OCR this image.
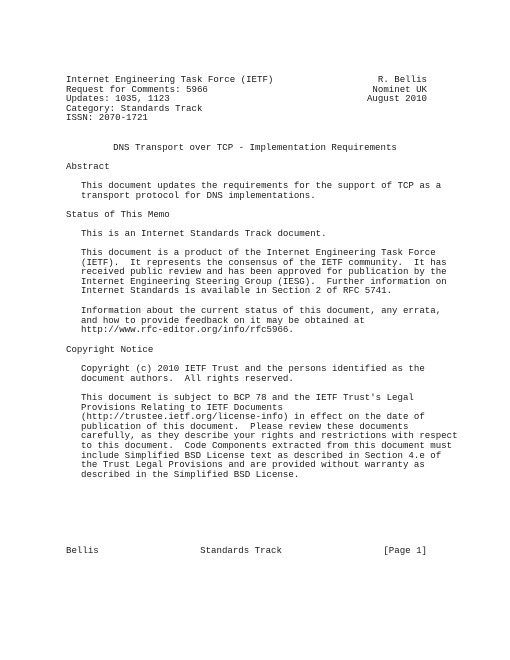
Internet Engineering Task Force (IETF)	R. Bellis
Request for Comments: 5966	Nominet UK
Updates: 1035, 1123	August 2010
Category: Standards Track
ISSN: 2070-1721
DNS Transport over TCP - Implementation Requirements
Abstract
This document updates the requirements for the support of TCP as a
transport protocol for DNS implementations.
Status of This Memo
This is an Internet Standards Track document.
This document is a product of the Internet Engineering Task Force
(IETF).  It represents the consensus of the IETF community.  It has
received public review and has been approved for publication by the
Internet Engineering Steering Group (IESG).  Further information on
Internet Standards is available in Section 2 of RFC 5741.
Information about the current status of this document, any errata,
and how to provide feedback on it may be obtained at
http://www.rfc-editor.org/info/rfc5966.
Copyright Notice
Copyright (c) 2010 IETF Trust and the persons identified as the
document authors.  All rights reserved.
This document is subject to BCP 78 and the IETF Trust's Legal
Provisions Relating to IETF Documents
(http://trustee.ietf.org/license-info) in effect on the date of
publication of this document.  Please review these documents
carefully, as they describe your rights and restrictions with respect
to this document.  Code Components extracted from this document must
include Simplified BSD License text as described in Section 4.e of
the Trust Legal Provisions and are provided without warranty as
described in the Simplified BSD License.
Bellis	Standards Track	[Page 1]
